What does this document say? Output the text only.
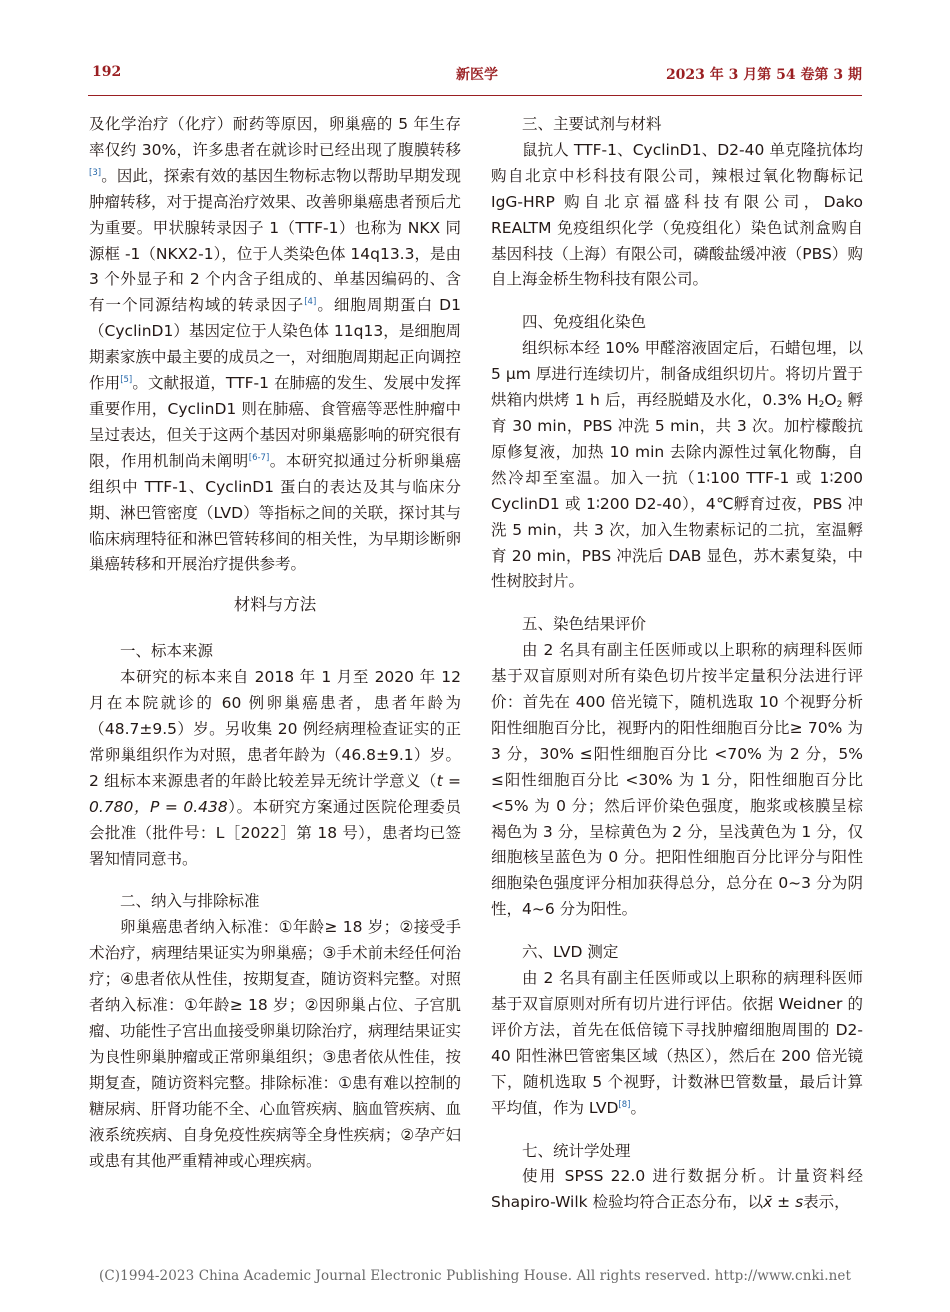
192	新医学	2023 年 3 月第 54 卷第 3 期

及化学治疗（化疗）耐药等原因，卵巢癌的 5 年生存率仅约 30%，许多患者在就诊时已经出现了腹膜转移[3]。因此，探索有效的基因生物标志物以帮助早期发现肿瘤转移，对于提高治疗效果、改善卵巢癌患者预后尤为重要。甲状腺转录因子 1（TTF-1）也称为 NKX 同源框 -1（NKX2-1），位于人类染色体 14q13.3，是由 3 个外显子和 2 个内含子组成的、单基因编码的、含有一个同源结构域的转录因子[4]。细胞周期蛋白 D1（CyclinD1）基因定位于人染色体 11q13，是细胞周期素家族中最主要的成员之一，对细胞周期起正向调控作用[5]。文献报道，TTF-1 在肺癌的发生、发展中发挥重要作用，CyclinD1 则在肺癌、食管癌等恶性肿瘤中呈过表达，但关于这两个基因对卵巢癌影响的研究很有限，作用机制尚未阐明[6-7]。本研究拟通过分析卵巢癌组织中 TTF-1、CyclinD1 蛋白的表达及其与临床分期、淋巴管密度（LVD）等指标之间的关联，探讨其与临床病理特征和淋巴管转移间的相关性，为早期诊断卵巢癌转移和开展治疗提供参考。

材料与方法
一、标本来源

本研究的标本来自 2018 年 1 月至 2020 年 12 月在本院就诊的 60 例卵巢癌患者，患者年龄为（48.7±9.5）岁。另收集 20 例经病理检查证实的正常卵巢组织作为对照，患者年龄为（46.8±9.1）岁。2 组标本来源患者的年龄比较差异无统计学意义（t = 0.780，P = 0.438）。本研究方案通过医院伦理委员会批准（批件号：L［2022］第 18 号），患者均已签署知情同意书。

二、纳入与排除标准

卵巢癌患者纳入标准：①年龄≥ 18 岁；②接受手术治疗，病理结果证实为卵巢癌；③手术前未经任何治疗；④患者依从性佳，按期复查，随访资料完整。对照者纳入标准：①年龄≥ 18 岁；②因卵巢占位、子宫肌瘤、功能性子宫出血接受卵巢切除治疗，病理结果证实为良性卵巢肿瘤或正常卵巢组织；③患者依从性佳，按期复查，随访资料完整。排除标准：①患有难以控制的糖尿病、肝肾功能不全、心血管疾病、脑血管疾病、血液系统疾病、自身免疫性疾病等全身性疾病；②孕产妇或患有其他严重精神或心理疾病。

三、主要试剂与材料

鼠抗人 TTF-1、CyclinD1、D2-40 单克隆抗体均购自北京中杉科技有限公司，辣根过氧化物酶标记 IgG-HRP 购自北京福盛科技有限公司，Dako REALTM 免疫组织化学（免疫组化）染色试剂盒购自基因科技（上海）有限公司，磷酸盐缓冲液（PBS）购自上海金桥生物科技有限公司。

四、免疫组化染色

组织标本经 10% 甲醛溶液固定后，石蜡包埋，以 5 μm 厚进行连续切片，制备成组织切片。将切片置于烘箱内烘烤 1 h 后，再经脱蜡及水化，0.3% $H_2O_2$ 孵育 30 min，PBS 冲洗 5 min，共 3 次。加柠檬酸抗原修复液，加热 10 min 去除内源性过氧化物酶，自然冷却至室温。加入一抗（1∶100 TTF-1 或 1∶200 CyclinD1 或 1∶200 D2-40），4℃孵育过夜，PBS 冲洗 5 min，共 3 次，加入生物素标记的二抗，室温孵育 20 min，PBS 冲洗后 DAB 显色，苏木素复染，中性树胶封片。

五、染色结果评价

由 2 名具有副主任医师或以上职称的病理科医师基于双盲原则对所有染色切片按半定量积分法进行评价：首先在 400 倍光镜下，随机选取 10 个视野分析阳性细胞百分比，视野内的阳性细胞百分比≥ 70% 为 3 分，30% ≤阳性细胞百分比 <70% 为 2 分，5% ≤阳性细胞百分比 <30% 为 1 分，阳性细胞百分比 <5% 为 0 分；然后评价染色强度，胞浆或核膜呈棕褐色为 3 分，呈棕黄色为 2 分，呈浅黄色为 1 分，仅细胞核呈蓝色为 0 分。把阳性细胞百分比评分与阳性细胞染色强度评分相加获得总分，总分在 0~3 分为阴性，4~6 分为阳性。

六、LVD 测定

由 2 名具有副主任医师或以上职称的病理科医师基于双盲原则对所有切片进行评估。依据 Weidner 的评价方法，首先在低倍镜下寻找肿瘤细胞周围的 D2-40 阳性淋巴管密集区域（热区），然后在 200 倍光镜下，随机选取 5 个视野，计数淋巴管数量，最后计算平均值，作为 LVD[8]。

七、统计学处理

使用 SPSS 22.0 进行数据分析。计量资料经 Shapiro-Wilk 检验均符合正态分布，以x̄ ± s表示，

(C)1994-2023 China Academic Journal Electronic Publishing House. All rights reserved. http://www.cnki.net
